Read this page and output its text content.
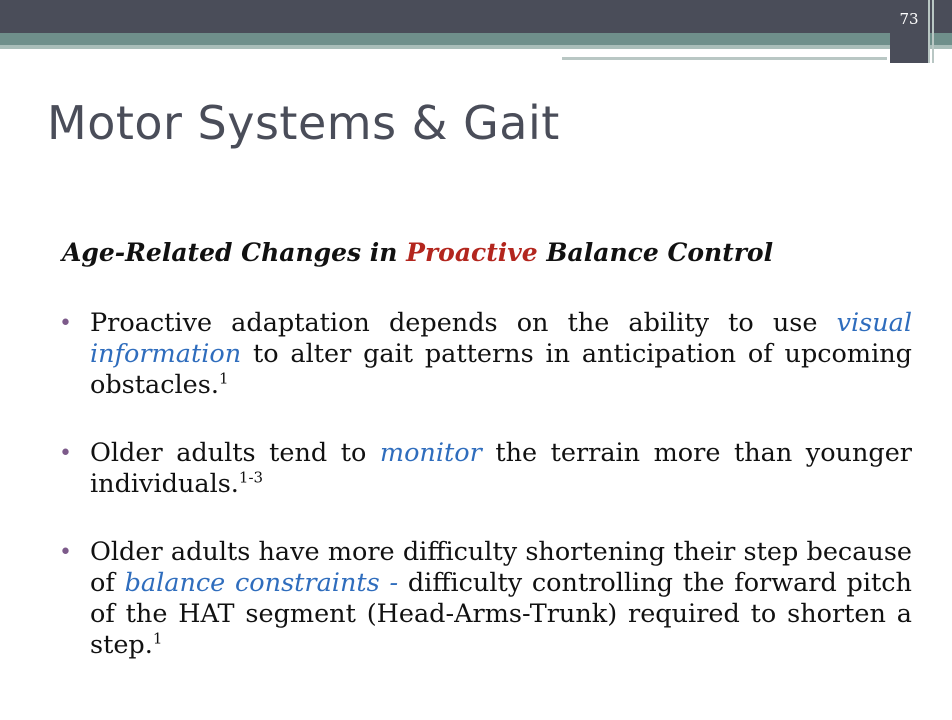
73
Motor Systems & Gait
Age-Related Changes in Proactive Balance Control
• Proactive adaptation depends on the ability to use visual information to alter gait patterns in anticipation of upcoming obstacles.$^1$
• Older adults tend to monitor the terrain more than younger individuals.$^{1-3}$
• Older adults have more difficulty shortening their step because of balance constraints - difficulty controlling the forward pitch of the HAT segment (Head-Arms-Trunk) required to shorten a step.$^1$
